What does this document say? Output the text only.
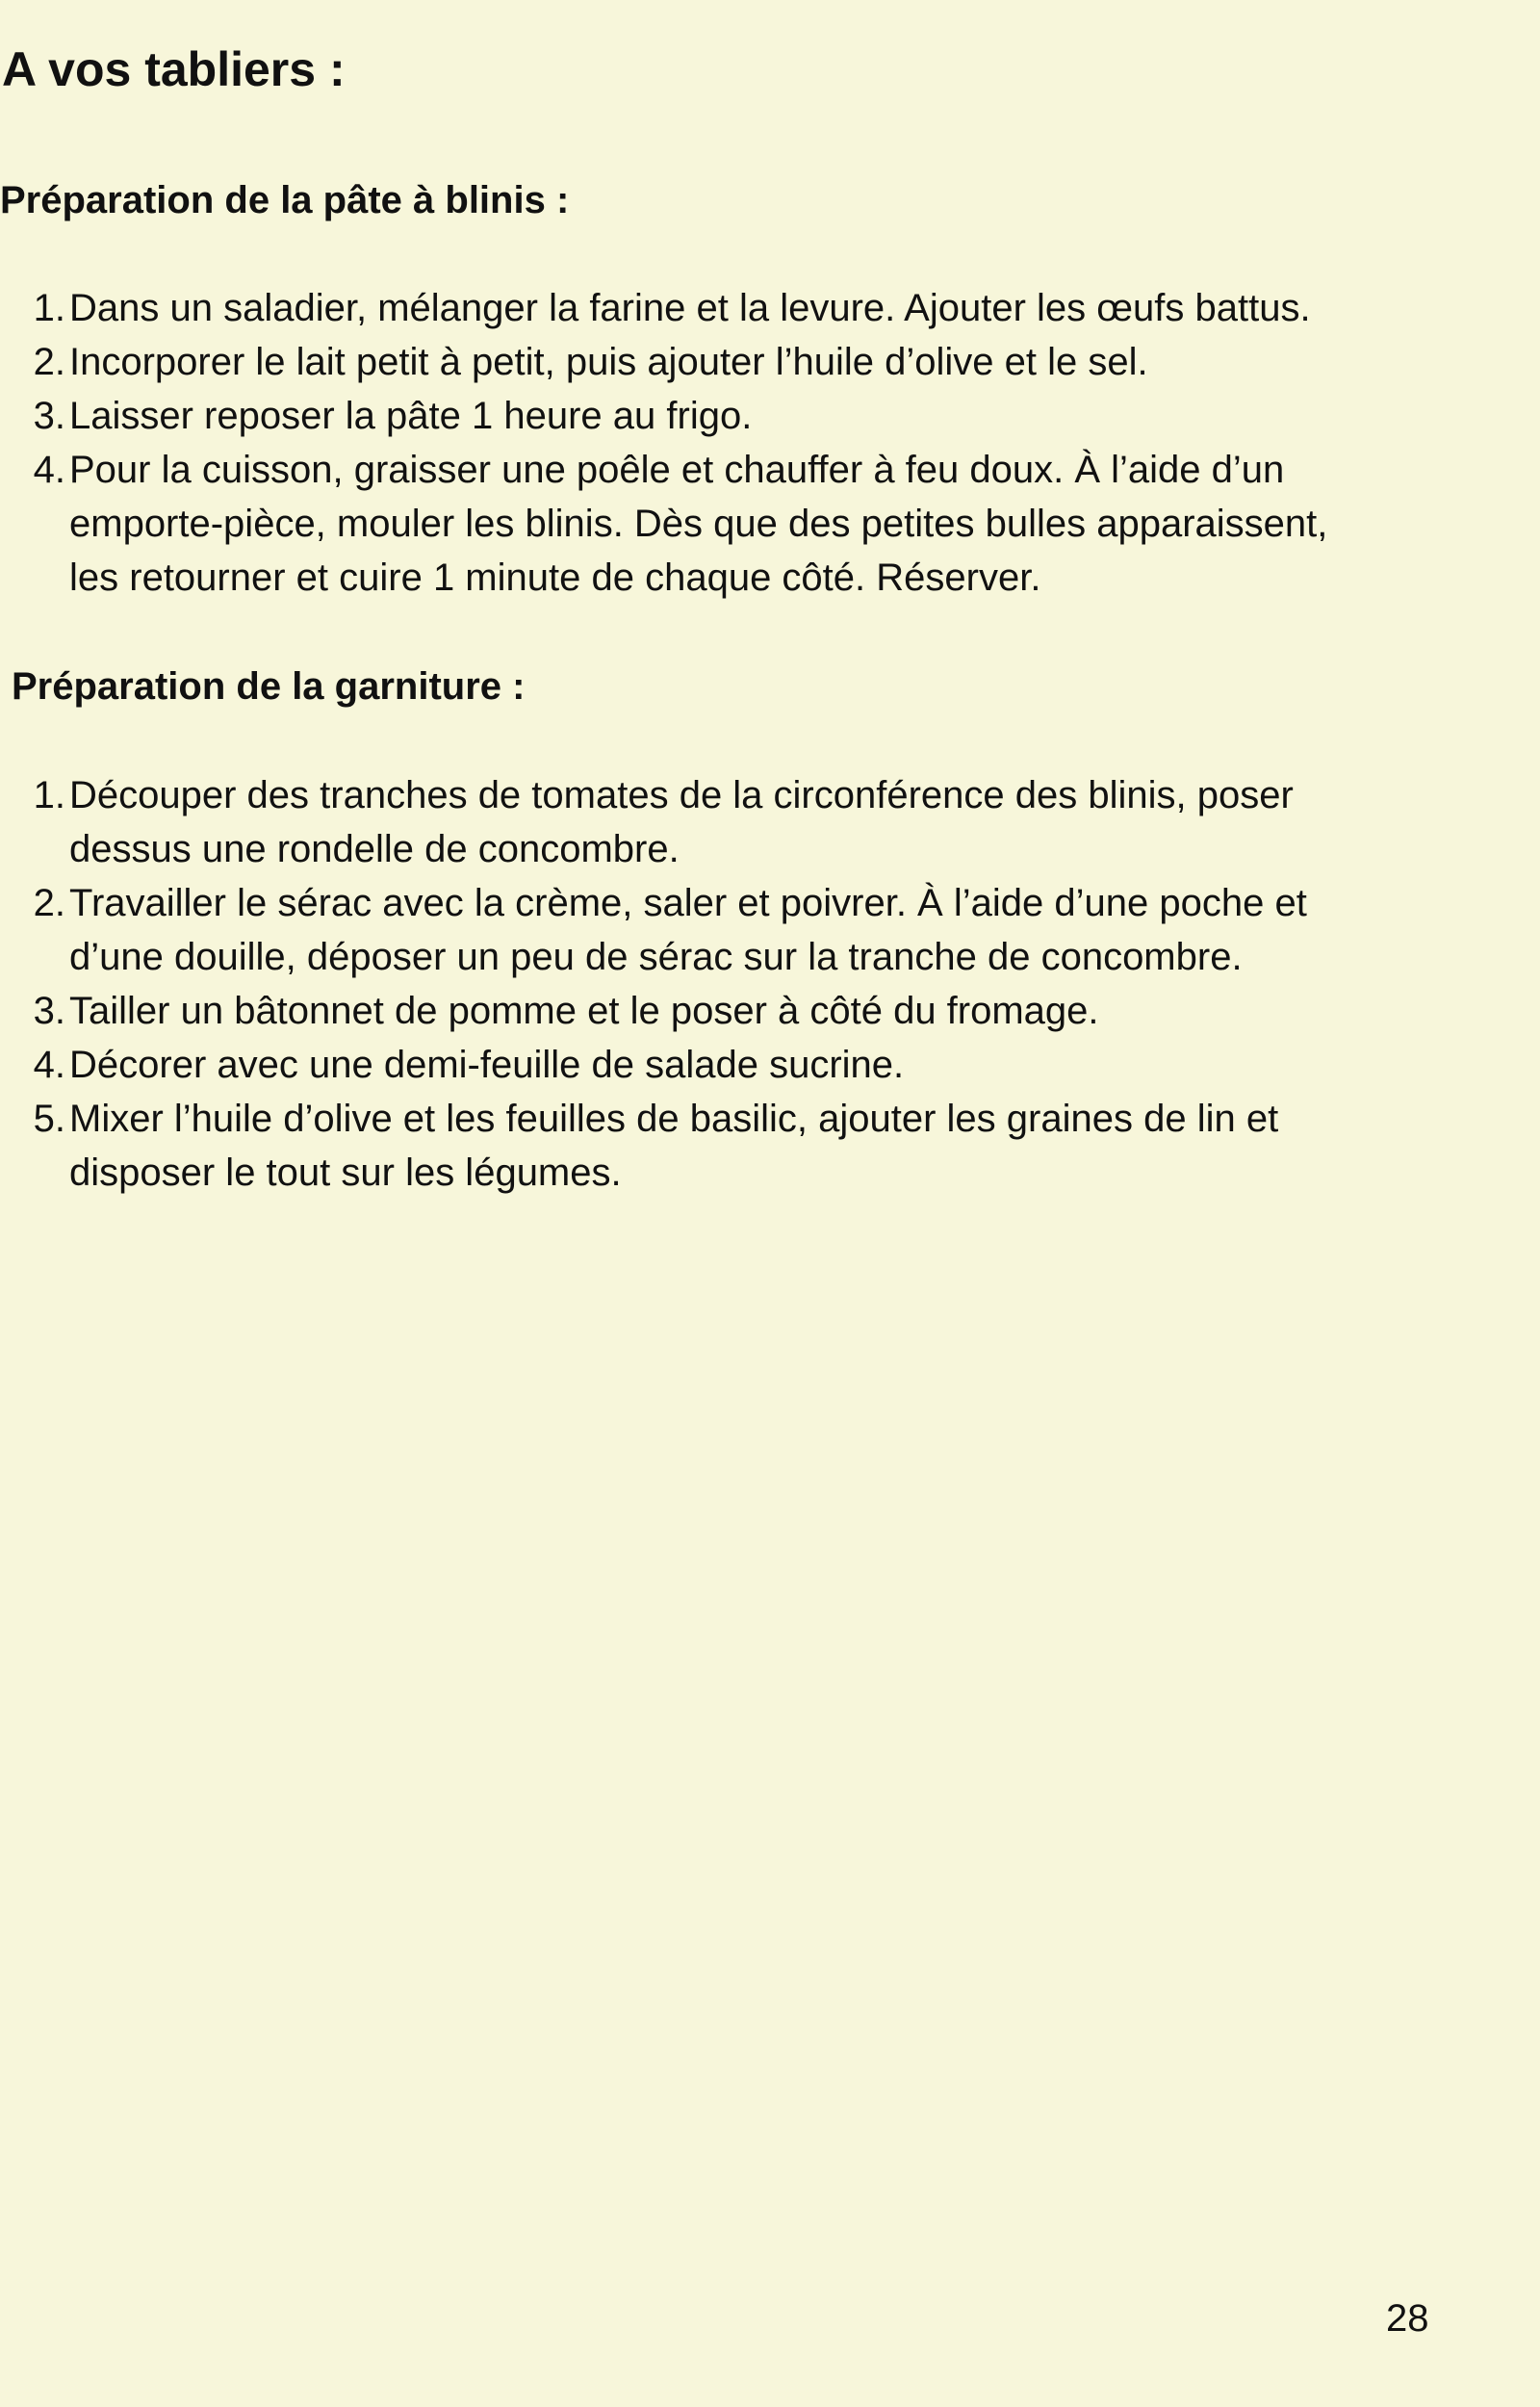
A vos tabliers :
Préparation de la pâte à blinis :
1. Dans un saladier, mélanger la farine et la levure. Ajouter les œufs battus.
2. Incorporer le lait petit à petit, puis ajouter l’huile d’olive et le sel.
3. Laisser reposer la pâte 1 heure au frigo.
4. Pour la cuisson, graisser une poêle et chauffer à feu doux. À l’aide d’un
emporte-pièce, mouler les blinis. Dès que des petites bulles apparaissent,
les retourner et cuire 1 minute de chaque côté. Réserver.
Préparation de la garniture :
1. Découper des tranches de tomates de la circonférence des blinis, poser
dessus une rondelle de concombre.
2. Travailler le sérac avec la crème, saler et poivrer. À l’aide d’une poche et
d’une douille, déposer un peu de sérac sur la tranche de concombre.
3. Tailler un bâtonnet de pomme et le poser à côté du fromage.
4. Décorer avec une demi-feuille de salade sucrine.
5. Mixer l’huile d’olive et les feuilles de basilic, ajouter les graines de lin et
disposer le tout sur les légumes.
28
